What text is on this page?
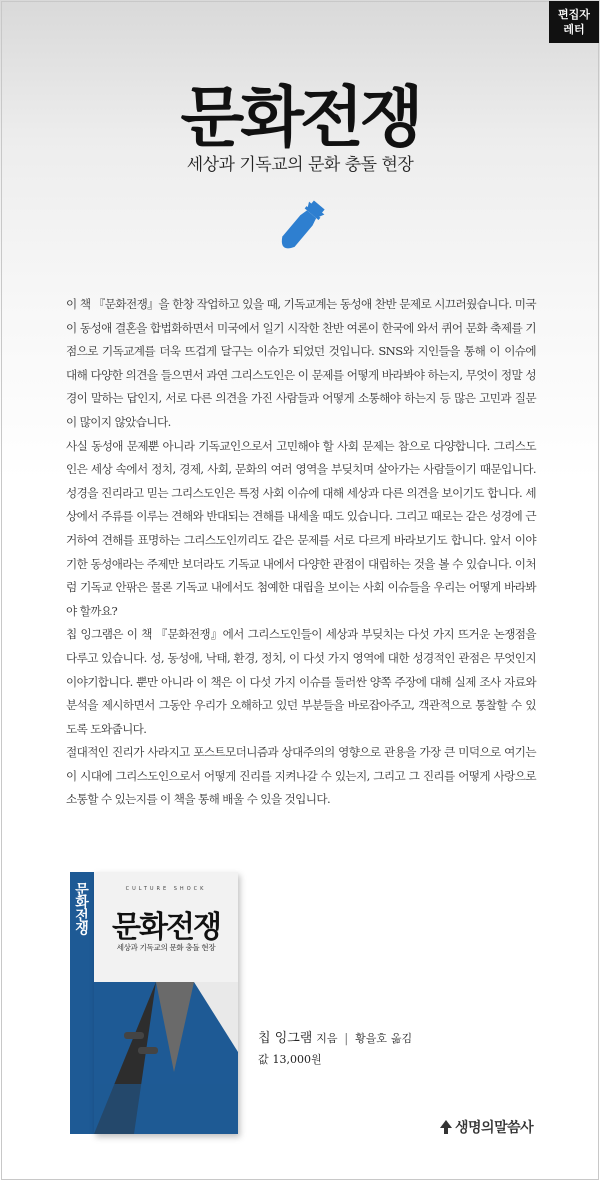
편집자
레터
문화전쟁
세상과 기독교의 문화 충돌 현장

이 책 『문화전쟁』을 한창 작업하고 있을 때, 기독교계는 동성애 찬반 문제로 시끄러웠습니다. 미국이 동성애 결혼을 합법화하면서 미국에서 일기 시작한 찬반 여론이 한국에 와서 퀴어 문화 축제를 기점으로 기독교계를 더욱 뜨겁게 달구는 이슈가 되었던 것입니다. SNS와 지인들을 통해 이 이슈에 대해 다양한 의견을 들으면서 과연 그리스도인은 이 문제를 어떻게 바라봐야 하는지, 무엇이 정말 성경이 말하는 답인지, 서로 다른 의견을 가진 사람들과 어떻게 소통해야 하는지 등 많은 고민과 질문이 많이지 않았습니다.

사실 동성애 문제뿐 아니라 기독교인으로서 고민해야 할 사회 문제는 참으로 다양합니다. 그리스도인은 세상 속에서 정치, 경제, 사회, 문화의 여러 영역을 부딪치며 살아가는 사람들이기 때문입니다. 성경을 진리라고 믿는 그리스도인은 특정 사회 이슈에 대해 세상과 다른 의견을 보이기도 합니다. 세상에서 주류를 이루는 견해와 반대되는 견해를 내세울 때도 있습니다. 그리고 때로는 같은 성경에 근거하여 견해를 표명하는 그리스도인끼리도 같은 문제를 서로 다르게 바라보기도 합니다. 앞서 이야기한 동성애라는 주제만 보더라도 기독교 내에서 다양한 관점이 대립하는 것을 볼 수 있습니다. 이처럼 기독교 안팎은 물론 기독교 내에서도 첨예한 대립을 보이는 사회 이슈들을 우리는 어떻게 바라봐야 할까요?

칩 잉그램은 이 책 『문화전쟁』에서 그리스도인들이 세상과 부딪치는 다섯 가지 뜨거운 논쟁점을 다루고 있습니다. 성, 동성애, 낙태, 환경, 정치, 이 다섯 가지 영역에 대한 성경적인 관점은 무엇인지 이야기합니다. 뿐만 아니라 이 책은 이 다섯 가지 이슈를 둘러싼 양쪽 주장에 대해 실제 조사 자료와 분석을 제시하면서 그동안 우리가 오해하고 있던 부분들을 바로잡아주고, 객관적으로 통찰할 수 있도록 도와줍니다.

절대적인 진리가 사라지고 포스트모더니즘과 상대주의의 영향으로 관용을 가장 큰 미덕으로 여기는 이 시대에 그리스도인으로서 어떻게 진리를 지켜나갈 수 있는지, 그리고 그 진리를 어떻게 사랑으로 소통할 수 있는지를 이 책을 통해 배울 수 있을 것입니다.

문화전쟁	CULTURE SHOCK
문화전쟁
세상과 기독교의 문화 충돌 현장
칩 잉그램 지음 | 황을호 옮김
값 13,000원
생명의말씀사
